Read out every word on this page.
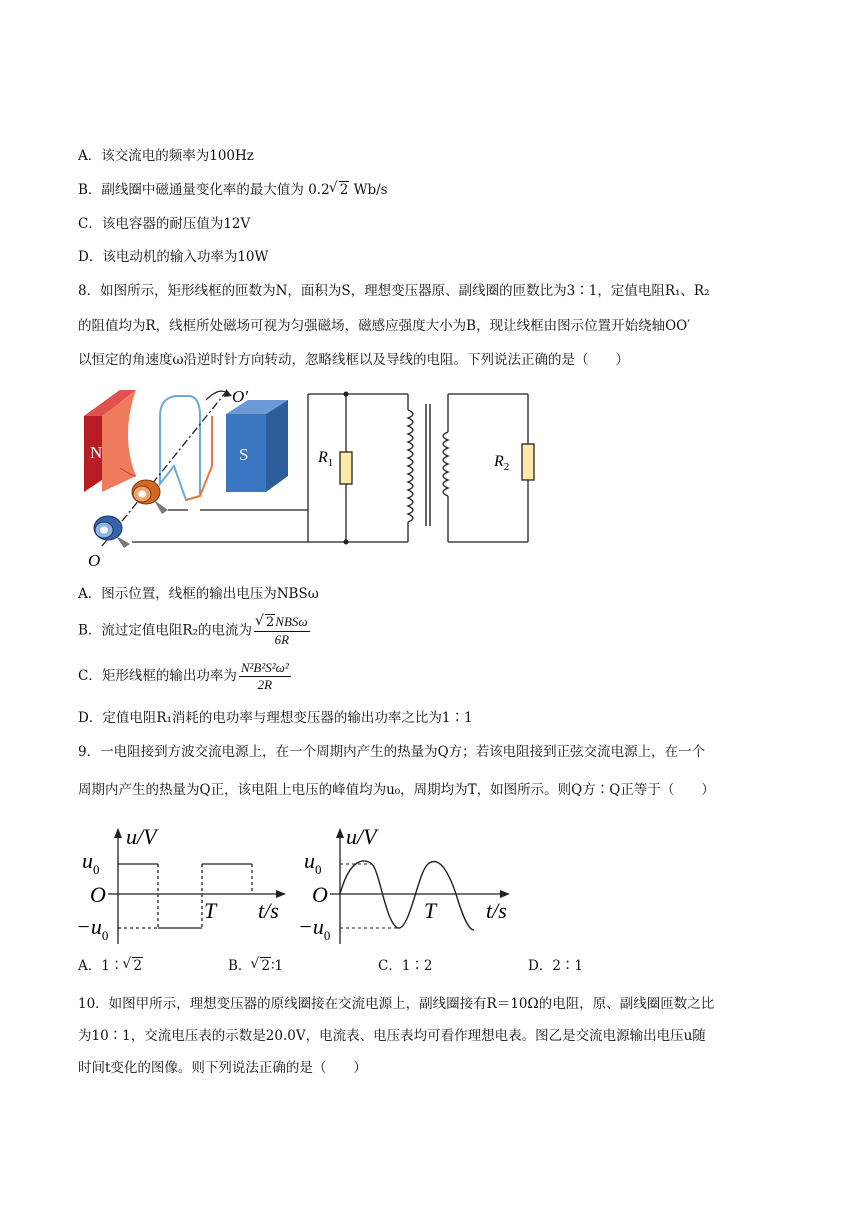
A．该交流电的频率为100Hz
B．副线圈中磁通量变化率的最大值为 0.2 √ 2 Wb/s
C．该电容器的耐压值为12V
D．该电动机的输入功率为10W
8．如图所示，矩形线框的匝数为N，面积为S，理想变压器原、副线圈的匝数比为3∶1，定值电阻R₁、R₂
的阻值均为R，线框所处磁场可视为匀强磁场，磁感应强度大小为B，现让线框由图示位置开始绕轴OO′
以恒定的角速度ω沿逆时针方向转动，忽略线框以及导线的电阻。下列说法正确的是（　　）
N	S
O′
O
$R_1$	$R_2$
A．图示位置，线框的输出电压为NBSω
B．流过定值电阻R₂的电流为 √ $\frac{\text{2NBSω}}{6R}$
C．矩形线框的输出功率为 $\frac{\text{N²B²S²ω²}}{2R}$
D．定值电阻R₁消耗的电功率与理想变压器的输出功率之比为1∶1
9．一电阻接到方波交流电源上，在一个周期内产生的热量为Q方；若该电阻接到正弦交流电源上，在一个
周期内产生的热量为Q正，该电阻上电压的峰值均为u₀，周期均为T，如图所示。则Q方∶Q正等于（　　）
u/V
$u_0$
O
$-u_0$
T t/s
u/V
$u_0$
O
$-u_0$
T t/s
A．1∶ √ 2	B． √ 2∶1	C．1∶2	D．2∶1
10．如图甲所示，理想变压器的原线圈接在交流电源上，副线圈接有R＝10Ω的电阻，原、副线圈匝数之比
为10∶1，交流电压表的示数是20.0V，电流表、电压表均可看作理想电表。图乙是交流电源输出电压u随
时间t变化的图像。则下列说法正确的是（　　）
